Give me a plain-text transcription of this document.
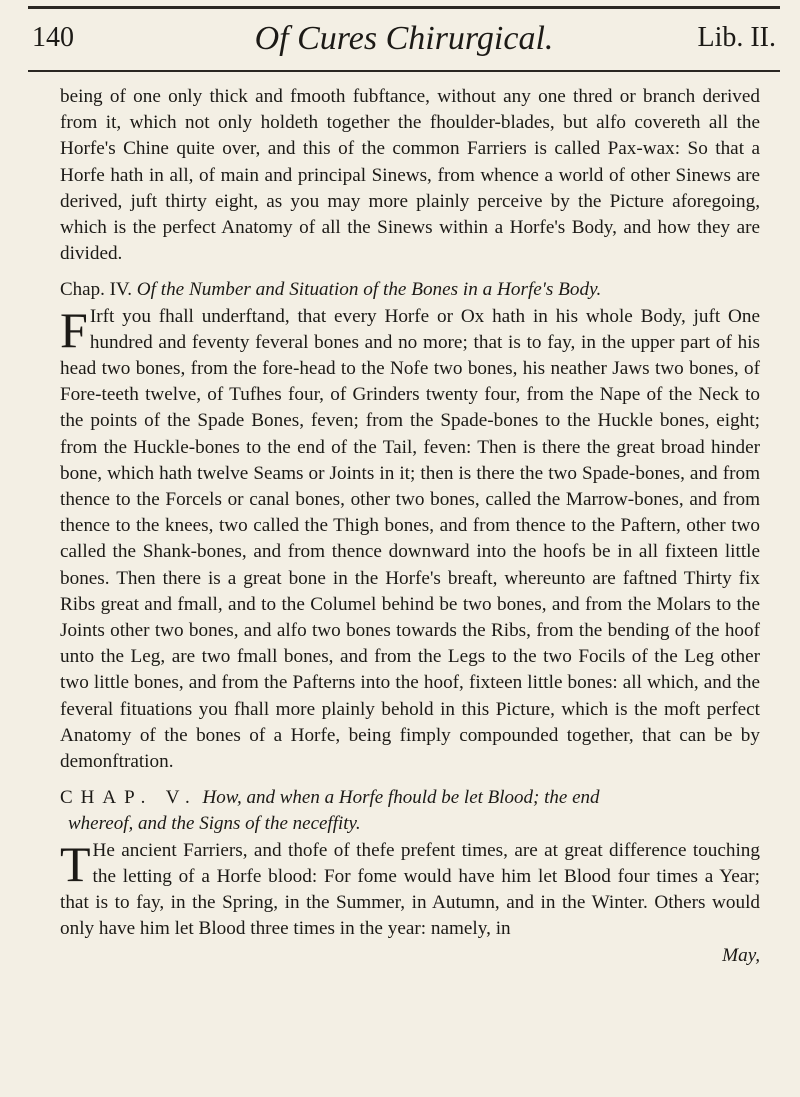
140	Of Cures Chirurgical.	Lib. II.

being of one only thick and fmooth fubftance, without any one thred or branch derived from it, which not only holdeth together the fhoulder-blades, but alfo covereth all the Horfe's Chine quite over, and this of the common Farriers is called Pax-wax: So that a Horfe hath in all, of main and principal Sinews, from whence a world of other Sinews are derived, juft thirty eight, as you may more plainly perceive by the Picture aforegoing, which is the perfect Anatomy of all the Sinews within a Horfe's Body, and how they are divided.

Chap. IV. Of the Number and Situation of the Bones in a Horfe's Body.

F Irft you fhall underftand, that every Horfe or Ox hath in his whole Body, juft One hundred and feventy feveral bones and no more; that is to fay, in the upper part of his head two bones, from the fore-head to the Nofe two bones, his neather Jaws two bones, of Fore-teeth twelve, of Tufhes four, of Grinders twenty four, from the Nape of the Neck to the points of the Spade Bones, feven; from the Spade-bones to the Huckle bones, eight; from the Huckle-bones to the end of the Tail, feven: Then is there the great broad hinder bone, which hath twelve Seams or Joints in it; then is there the two Spade-bones, and from thence to the Forcels or canal bones, other two bones, called the Marrow-bones, and from thence to the knees, two called the Thigh bones, and from thence to the Paftern, other two called the Shank-bones, and from thence downward into the hoofs be in all fixteen little bones. Then there is a great bone in the Horfe's breaft, whereunto are faftned Thirty fix Ribs great and fmall, and to the Columel behind be two bones, and from the Molars to the Joints other two bones, and alfo two bones towards the Ribs, from the bending of the hoof unto the Leg, are two fmall bones, and from the Legs to the two Focils of the Leg other two little bones, and from the Pafterns into the hoof, fixteen little bones: all which, and the feveral fituations you fhall more plainly behold in this Picture, which is the moft perfect Anatomy of the bones of a Horfe, being fimply compounded together, that can be by demonftration.

CHAP. V. How, and when a Horfe fhould be let Blood; the end
whereof, and the Signs of the neceffity.

T He ancient Farriers, and thofe of thefe prefent times, are at great difference touching the letting of a Horfe blood: For fome would have him let Blood four times a Year; that is to fay, in the Spring, in the Summer, in Autumn, and in the Winter. Others would only have him let Blood three times in the year: namely, in

May,
